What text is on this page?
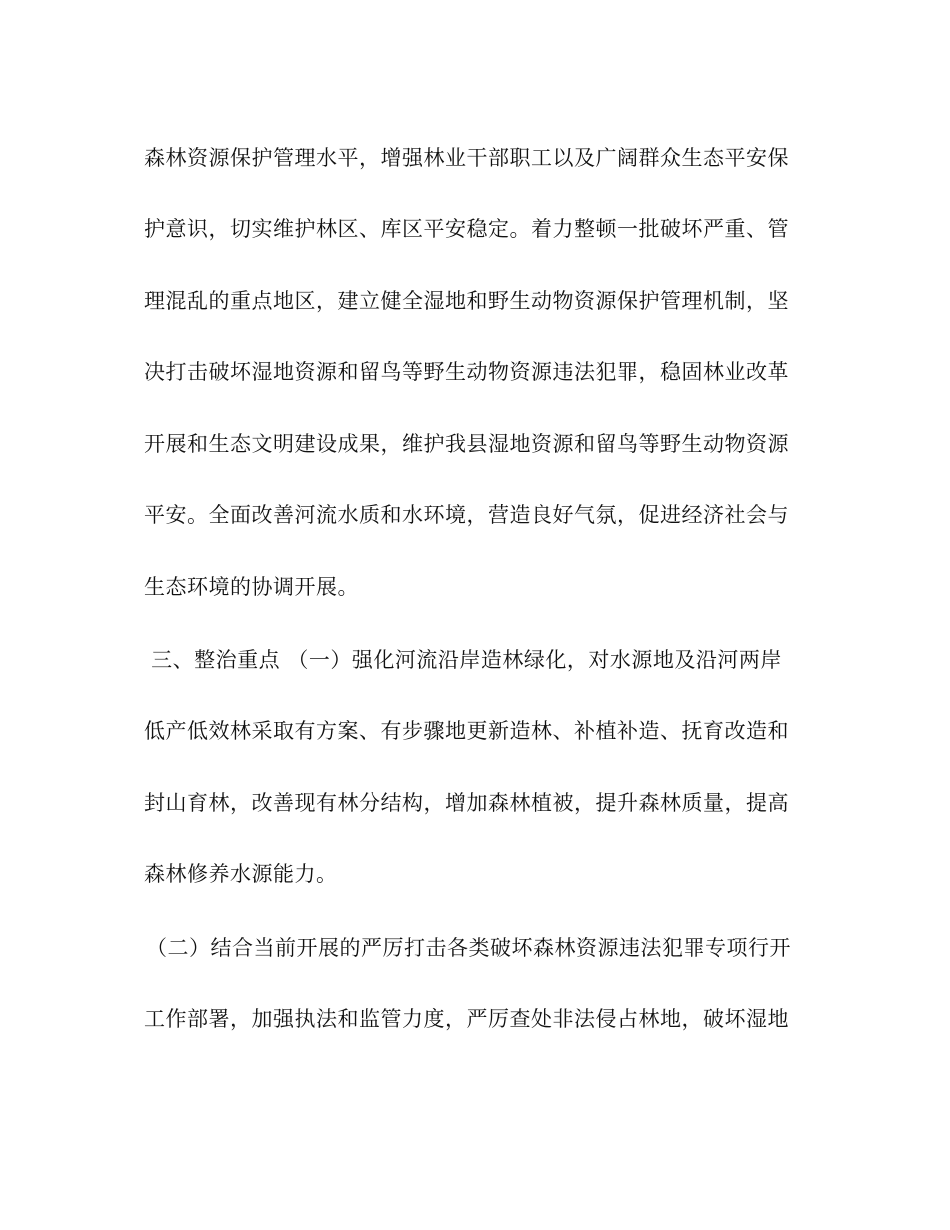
森林资源保护管理水平，增强林业干部职工以及广阔群众生态平安保

护意识，切实维护林区、库区平安稳定。着力整顿一批破坏严重、管

理混乱的重点地区，建立健全湿地和野生动物资源保护管理机制，坚

决打击破坏湿地资源和留鸟等野生动物资源违法犯罪，稳固林业改革

开展和生态文明建设成果，维护我县湿地资源和留鸟等野生动物资源

平安。全面改善河流水质和水环境，营造良好气氛，促进经济社会与

生态环境的协调开展。

三、整治重点 （一）强化河流沿岸造林绿化，对水源地及沿河两岸

低产低效林采取有方案、有步骤地更新造林、补植补造、抚育改造和

封山育林，改善现有林分结构，增加森林植被，提升森林质量，提高

森林修养水源能力。

（二）结合当前开展的严厉打击各类破坏森林资源违法犯罪专项行开

工作部署，加强执法和监管力度，严厉查处非法侵占林地，破坏湿地
